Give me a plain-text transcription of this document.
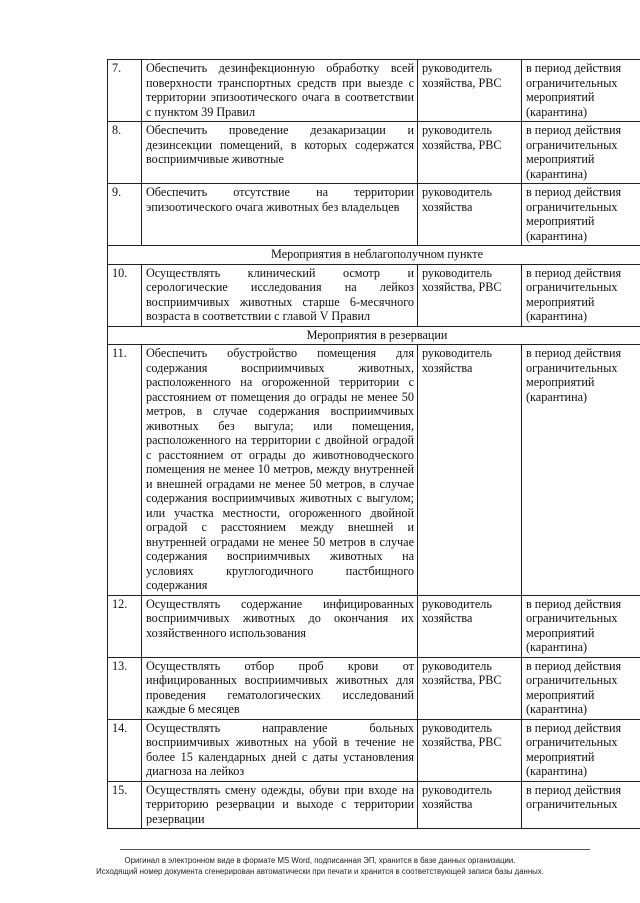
7.	Обеспечить дезинфекционную обработку всей поверхности транспортных средств при выезде с территории эпизоотического очага в соответствии с пунктом 39 Правил	руководитель хозяйства, РВС	в период действия ограничительных мероприятий (карантина)
8.	Обеспечить проведение дезакаризации и дезинсекции помещений, в которых содержатся восприимчивые животные	руководитель хозяйства, РВС	в период действия ограничительных мероприятий (карантина)
9.	Обеспечить отсутствие на территории эпизоотического очага животных без владельцев	руководитель хозяйства	в период действия ограничительных мероприятий (карантина)
Мероприятия в неблагополучном пункте			
10.	Осуществлять клинический осмотр и серологические исследования на лейкоз восприимчивых животных старше 6-месячного возраста в соответствии с главой V Правил	руководитель хозяйства, РВС	в период действия ограничительных мероприятий (карантина)
Мероприятия в резервации			
11.	Обеспечить обустройство помещения для содержания восприимчивых животных, расположенного на огороженной территории с расстоянием от помещения до ограды не менее 50 метров, в случае содержания восприимчивых животных без выгула; или помещения, расположенного на территории с двойной оградой с расстоянием от ограды до животноводческого помещения не менее 10 метров, между внутренней и внешней оградами не менее 50 метров, в случае содержания восприимчивых животных с выгулом; или участка местности, огороженного двойной оградой с расстоянием между внешней и внутренней оградами не менее 50 метров в случае содержания восприимчивых животных на условиях круглогодичного пастбищного содержания	руководитель хозяйства	в период действия ограничительных мероприятий (карантина)
12.	Осуществлять содержание инфицированных восприимчивых животных до окончания их хозяйственного использования	руководитель хозяйства	в период действия ограничительных мероприятий (карантина)
13.	Осуществлять отбор проб крови от инфицированных восприимчивых животных для проведения гематологических исследований каждые 6 месяцев	руководитель хозяйства, РВС	в период действия ограничительных мероприятий (карантина)
14.	Осуществлять направление больных восприимчивых животных на убой в течение не более 15 календарных дней с даты установления диагноза на лейкоз	руководитель хозяйства, РВС	в период действия ограничительных мероприятий (карантина)
15.	Осуществлять смену одежды, обуви при входе на территорию резервации и выходе с территории резервации	руководитель хозяйства	в период действия ограничительных
Оригинал в электронном виде в формате MS Word, подписанная ЭП, хранится в базе данных организации.
Исходящий номер документа сгенерирован автоматически при печати и хранится в соответствующей записи базы данных.
